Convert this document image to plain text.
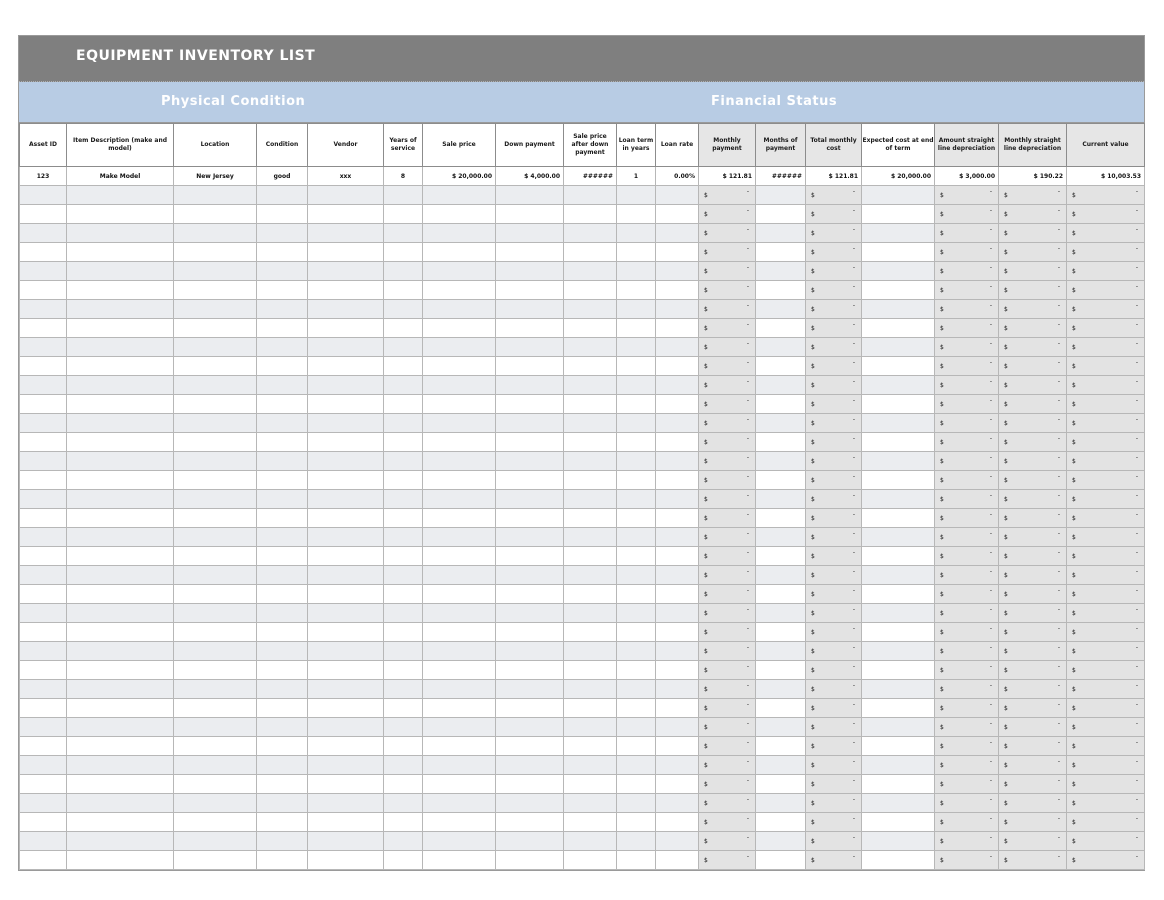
EQUIPMENT INVENTORY LIST
Physical Condition	Financial Status
Asset ID	Item Description (make and model)	Location	Condition	Vendor	Years of service	Sale price	Down payment	Sale price after down payment	Loan term in years	Loan rate	Monthly payment	Months of payment	Total monthly cost	Expected cost at end of term	Amount straight line depreciation	Monthly straight line depreciation	Current value
123	Make Model	New Jersey	good	xxx	8	$ 20,000.00	$ 4,000.00	######	1	0.00%	$ 121.81	######	$ 121.81	$ 20,000.00	$ 3,000.00	$ 190.22	$ 10,003.53
											$ -		$ -		$ -	$ -	$ -

											$ -		$ -		$ -	$ -	$ -

											$ -		$ -		$ -	$ -	$ -

											$ -		$ -		$ -	$ -	$ -

											$ -		$ -		$ -	$ -	$ -

											$ -		$ -		$ -	$ -	$ -

											$ -		$ -		$ -	$ -	$ -

											$ -		$ -		$ -	$ -	$ -

											$ -		$ -		$ -	$ -	$ -

											$ -		$ -		$ -	$ -	$ -

											$ -		$ -		$ -	$ -	$ -

											$ -		$ -		$ -	$ -	$ -

											$ -		$ -		$ -	$ -	$ -

											$ -		$ -		$ -	$ -	$ -

											$ -		$ -		$ -	$ -	$ -

											$ -		$ -		$ -	$ -	$ -

											$ -		$ -		$ -	$ -	$ -

											$ -		$ -		$ -	$ -	$ -

											$ -		$ -		$ -	$ -	$ -

											$ -		$ -		$ -	$ -	$ -

											$ -		$ -		$ -	$ -	$ -

											$ -		$ -		$ -	$ -	$ -

											$ -		$ -		$ -	$ -	$ -

											$ -		$ -		$ -	$ -	$ -

											$ -		$ -		$ -	$ -	$ -

											$ -		$ -		$ -	$ -	$ -

											$ -		$ -		$ -	$ -	$ -

											$ -		$ -		$ -	$ -	$ -

											$ -		$ -		$ -	$ -	$ -

											$ -		$ -		$ -	$ -	$ -

											$ -		$ -		$ -	$ -	$ -

											$ -		$ -		$ -	$ -	$ -

											$ -		$ -		$ -	$ -	$ -

											$ -		$ -		$ -	$ -	$ -

											$ -		$ -		$ -	$ -	$ -

											$ -		$ -		$ -	$ -	$ -
